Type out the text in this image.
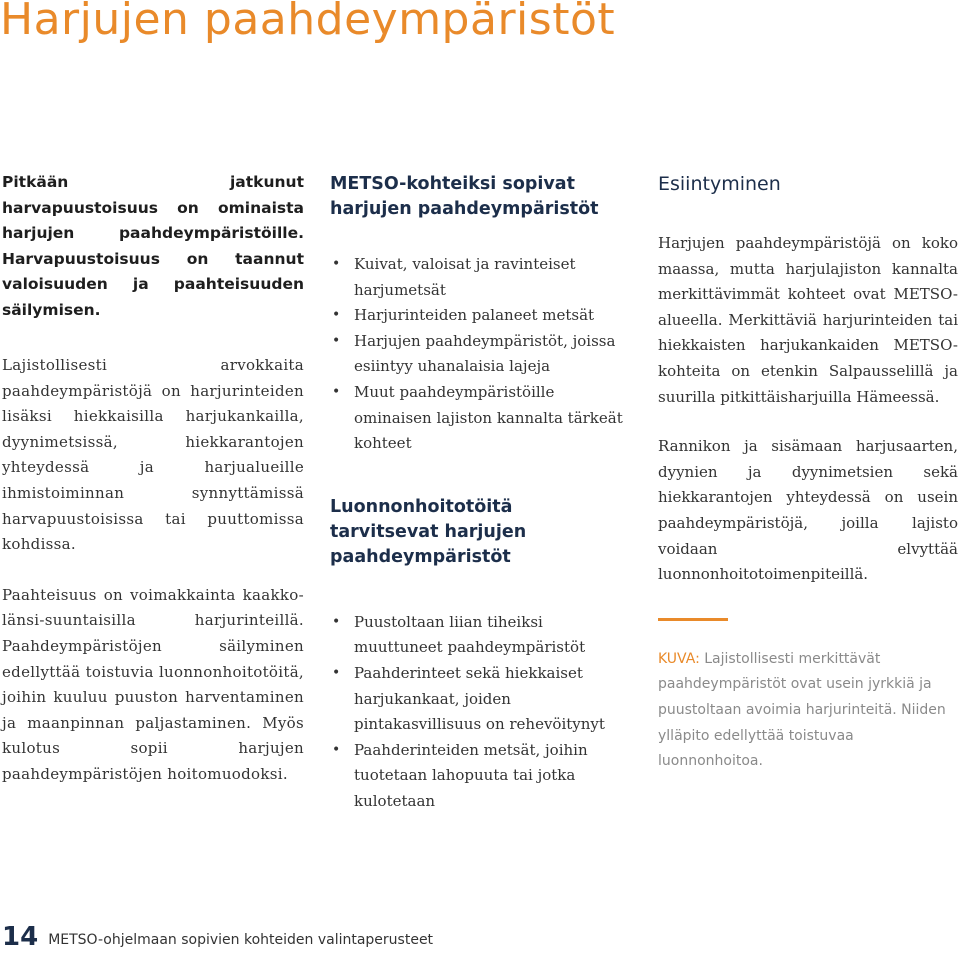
Harjujen paahdeympäristöt

Pitkään jatkunut harvapuustoisuus on ominaista harjujen paahdeympäristöille. Harvapuustoisuus on taannut valoisuuden ja paahteisuuden säilymisen.

Lajistollisesti arvokkaita paahdeympäristöjä on harjurinteiden lisäksi hiekkaisilla harjukankailla, dyynimetsissä, hiekkarantojen yhteydessä ja harjualueille ihmistoiminnan synnyttämissä harvapuustoisissa tai puuttomissa kohdissa.

Paahteisuus on voimakkainta kaakko-länsi-suuntaisilla harjurinteillä. Paahdeympäristöjen säilyminen edellyttää toistuvia luonnonhoitotöitä, joihin kuuluu puuston harventaminen ja maanpinnan paljastaminen. Myös kulotus sopii harjujen paahdeympäristöjen hoitomuodoksi.

METSO-kohteiksi sopivat harjujen paahdeympäristöt
• Kuivat, valoisat ja ravinteiset harjumetsät
• Harjurinteiden palaneet metsät
• Harjujen paahdeympäristöt, joissa esiintyy uhanalaisia lajeja
• Muut paahdeympäristöille ominaisen lajiston kannalta tärkeät kohteet
Luonnonhoitotöitä tarvitsevat harjujen paahdeympäristöt
• Puustoltaan liian tiheiksi muuttuneet paahdeympäristöt
• Paahderinteet sekä hiekkaiset harjukankaat, joiden pintakasvillisuus on rehevöitynyt
• Paahderinteiden metsät, joihin tuotetaan lahopuuta tai jotka kulotetaan
Esiintyminen

Harjujen paahdeympäristöjä on koko maassa, mutta harjulajiston kannalta merkittävimmät kohteet ovat METSO-alueella. Merkittäviä harjurinteiden tai hiekkaisten harjukankaiden METSO-kohteita on etenkin Salpausselillä ja suurilla pitkittäisharjuilla Hämeessä.

Rannikon ja sisämaan harjusaarten, dyynien ja dyynimetsien sekä hiekkarantojen yhteydessä on usein paahdeympäristöjä, joilla lajisto voidaan elvyttää luonnonhoitotoimenpiteillä.

KUVA: Lajistollisesti merkittävät paahdeympäristöt ovat usein jyrkkiä ja puustoltaan avoimia harjurinteitä. Niiden ylläpito edellyttää toistuvaa luonnonhoitoa.

14 METSO-ohjelmaan sopivien kohteiden valintaperusteet
